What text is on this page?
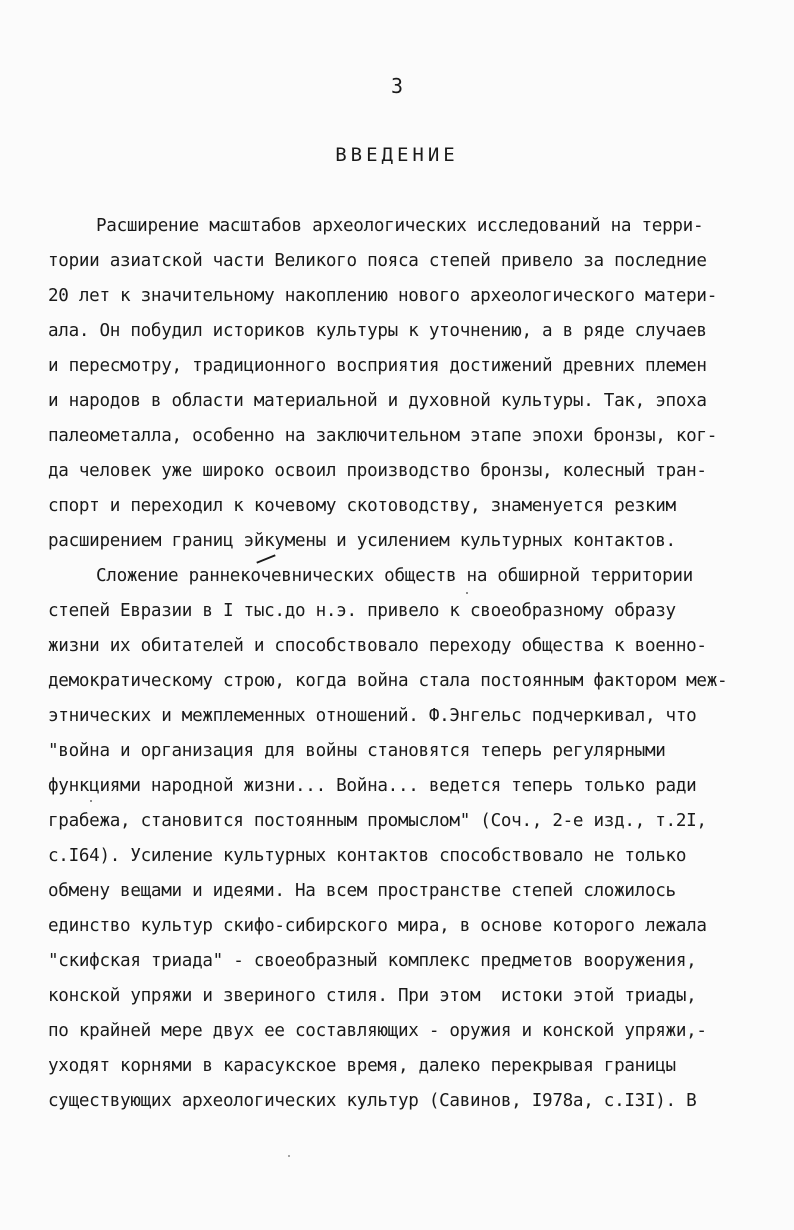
3
ВВЕДЕНИЕ
Расширение масштабов археологических исследований на терри-
тории азиатской части Великого пояса степей привело за последние
20 лет к значительному накоплению нового археологического матери-
ала. Он побудил историков культуры к уточнению, а в ряде случаев
и пересмотру, традиционного восприятия достижений древних племен
и народов в области материальной и духовной культуры. Так, эпоха
палеометалла, особенно на заключительном этапе эпохи бронзы, ког-
да человек уже широко освоил производство бронзы, колесный тран-
спорт и переходил к кочевому скотоводству, знаменуется резким
расширением границ эйкумены и усилением культурных контактов.
Сложение раннекочевнических обществ на обширной территории
степей Евразии в I тыс.до н.э. привело к своеобразному образу
жизни их обитателей и способствовало переходу общества к военно-
демократическому строю, когда война стала постоянным фактором меж-
этнических и межплеменных отношений. Ф.Энгельс подчеркивал, что
"война и организация для войны становятся теперь регулярными
функциями народной жизни... Война... ведется теперь только ради
грабежа, становится постоянным промыслом" (Соч., 2-е изд., т.2I,
с.I64). Усиление культурных контактов способствовало не только
обмену вещами и идеями. На всем пространстве степей сложилось
единство культур скифо-сибирского мира, в основе которого лежала
"скифская триада" - своеобразный комплекс предметов вооружения,
конской упряжи и звериного стиля. При этом  истоки этой триады,
по крайней мере двух ее составляющих - оружия и конской упряжи,-
уходят корнями в карасукское время, далеко перекрывая границы
существующих археологических культур (Савинов, I978а, с.I3I). В
